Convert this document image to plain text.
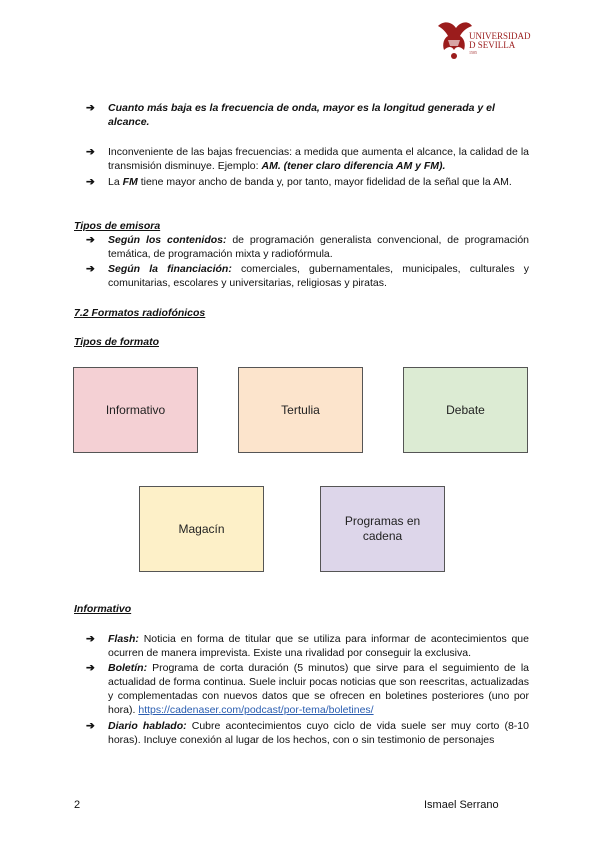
UNIVERSIDAD
D SEVILLA
1505
➔ Cuanto más baja es la frecuencia de onda, mayor es la longitud generada y el alcance.
➔ Inconveniente de las bajas frecuencias: a medida que aumenta el alcance, la calidad de la transmisión disminuye. Ejemplo: AM. (tener claro diferencia AM y FM).
➔ La FM tiene mayor ancho de banda y, por tanto, mayor fidelidad de la señal que la AM.
Tipos de emisora
➔ Según los contenidos: de programación generalista convencional, de programación temática, de programación mixta y radiofórmula.
➔ Según la financiación: comerciales, gubernamentales, municipales, culturales y comunitarias, escolares y universitarias, religiosas y piratas.
7.2 Formatos radiofónicos
Tipos de formato
Informativo	Tertulia	Debate
Magacín
Programas en cadena
Informativo
➔ Flash: Noticia en forma de titular que se utiliza para informar de acontecimientos que ocurren de manera imprevista. Existe una rivalidad por conseguir la exclusiva.
➔ Boletín: Programa de corta duración (5 minutos) que sirve para el seguimiento de la actualidad de forma continua. Suele incluir pocas noticias que son reescritas, actualizadas y complementadas con nuevos datos que se ofrecen en boletines posteriores (uno por hora). https://cadenaser.com/podcast/por-tema/boletines/
➔ Diario hablado: Cubre acontecimientos cuyo ciclo de vida suele ser muy corto (8-10 horas). Incluye conexión al lugar de los hechos, con o sin testimonio de personajes
2	Ismael Serrano
